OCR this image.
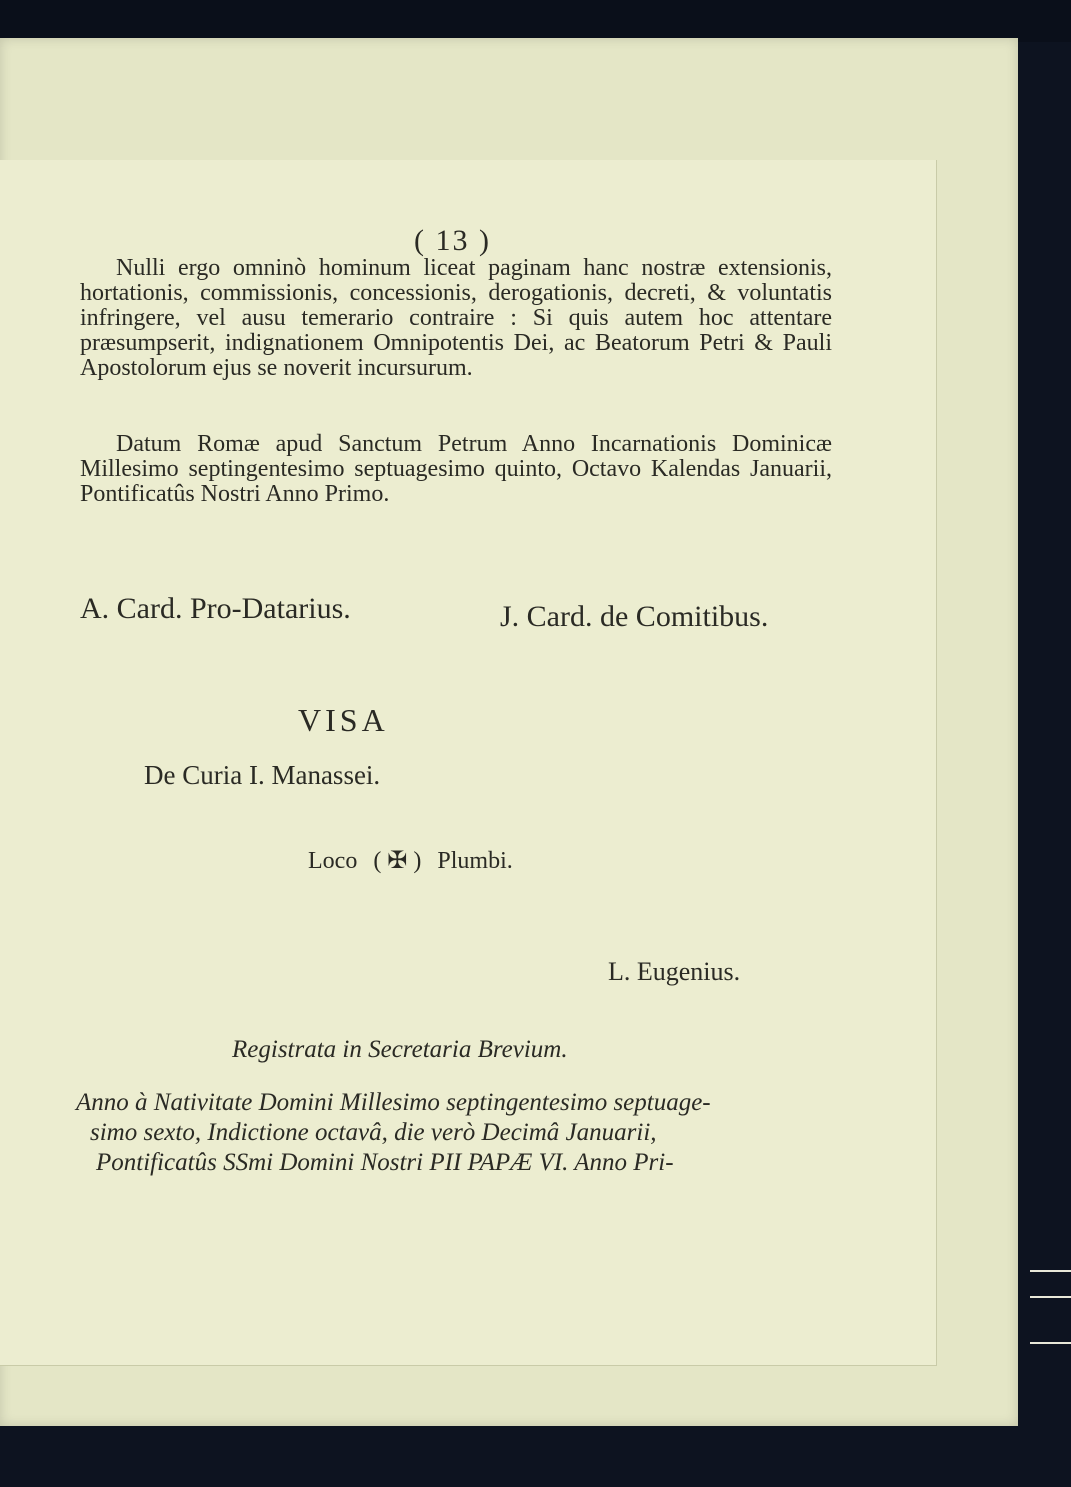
( 13 )

Nulli ergo omninò hominum liceat paginam hanc nostræ extensionis, hortationis, commissionis, concessionis, derogationis, decreti, & voluntatis infringere, vel ausu temerario contraire : Si quis autem hoc attentare præsumpserit, indignationem Omnipotentis Dei, ac Beatorum Petri & Pauli Apostolorum ejus se noverit incursurum.

Datum Romæ apud Sanctum Petrum Anno Incarnationis Dominicæ Millesimo septingentesimo septuagesimo quinto, Octavo Kalendas Januarii, Pontificatûs Nostri Anno Primo.

A. Card. Pro-Datarius.	J. Card. de Comitibus.

VISA

De Curia I. Manassei.

Loco ( ✠ ) Plumbi.

L. Eugenius.

Registrata in Secretaria Brevium.

Anno à Nativitate Domini Millesimo septingentesimo septuage-
simo sexto, Indictione octavâ, die verò Decimâ Januarii,
Pontificatûs SSmi Domini Nostri PII PAPÆ VI. Anno Pri-
